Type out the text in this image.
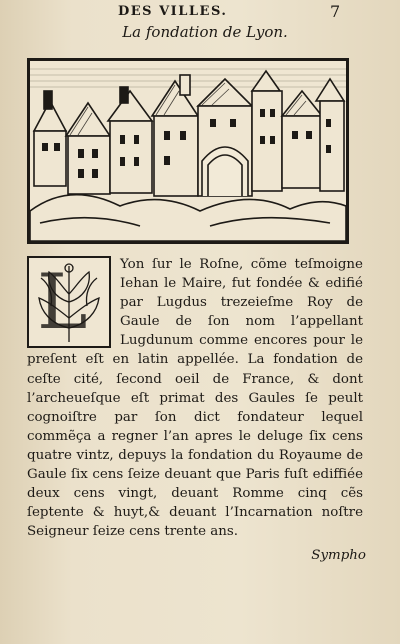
DES VILLES.	7
La fondation de Lyon.
L Yon ſur le Roſne, cõme teſmoigne Iehan le Maire, fut fondée & edifié par Lugdus trezeieſme Roy de Gaule de ſon nom l’appellant Lugdunum comme encores pour le preſent eſt en latin appellée. La fondation de ceſte cité, ſecond oeil de France, & dont l’archeueſque eſt primat des Gaules ſe peult cognoiſtre par ſon dict fondateur lequel commẽça a regner l’an apres le deluge ſix cens quatre vintz, depuys la fondation du Royaume de Gaule ſix cens ſeize deuant que Paris fuſt ediffiée deux cens vingt, deuant Romme cinq cẽs ſeptente & huyt,& deuant l’Incarnation noſtre Seigneur ſeize cens trente ans.
Sympho
